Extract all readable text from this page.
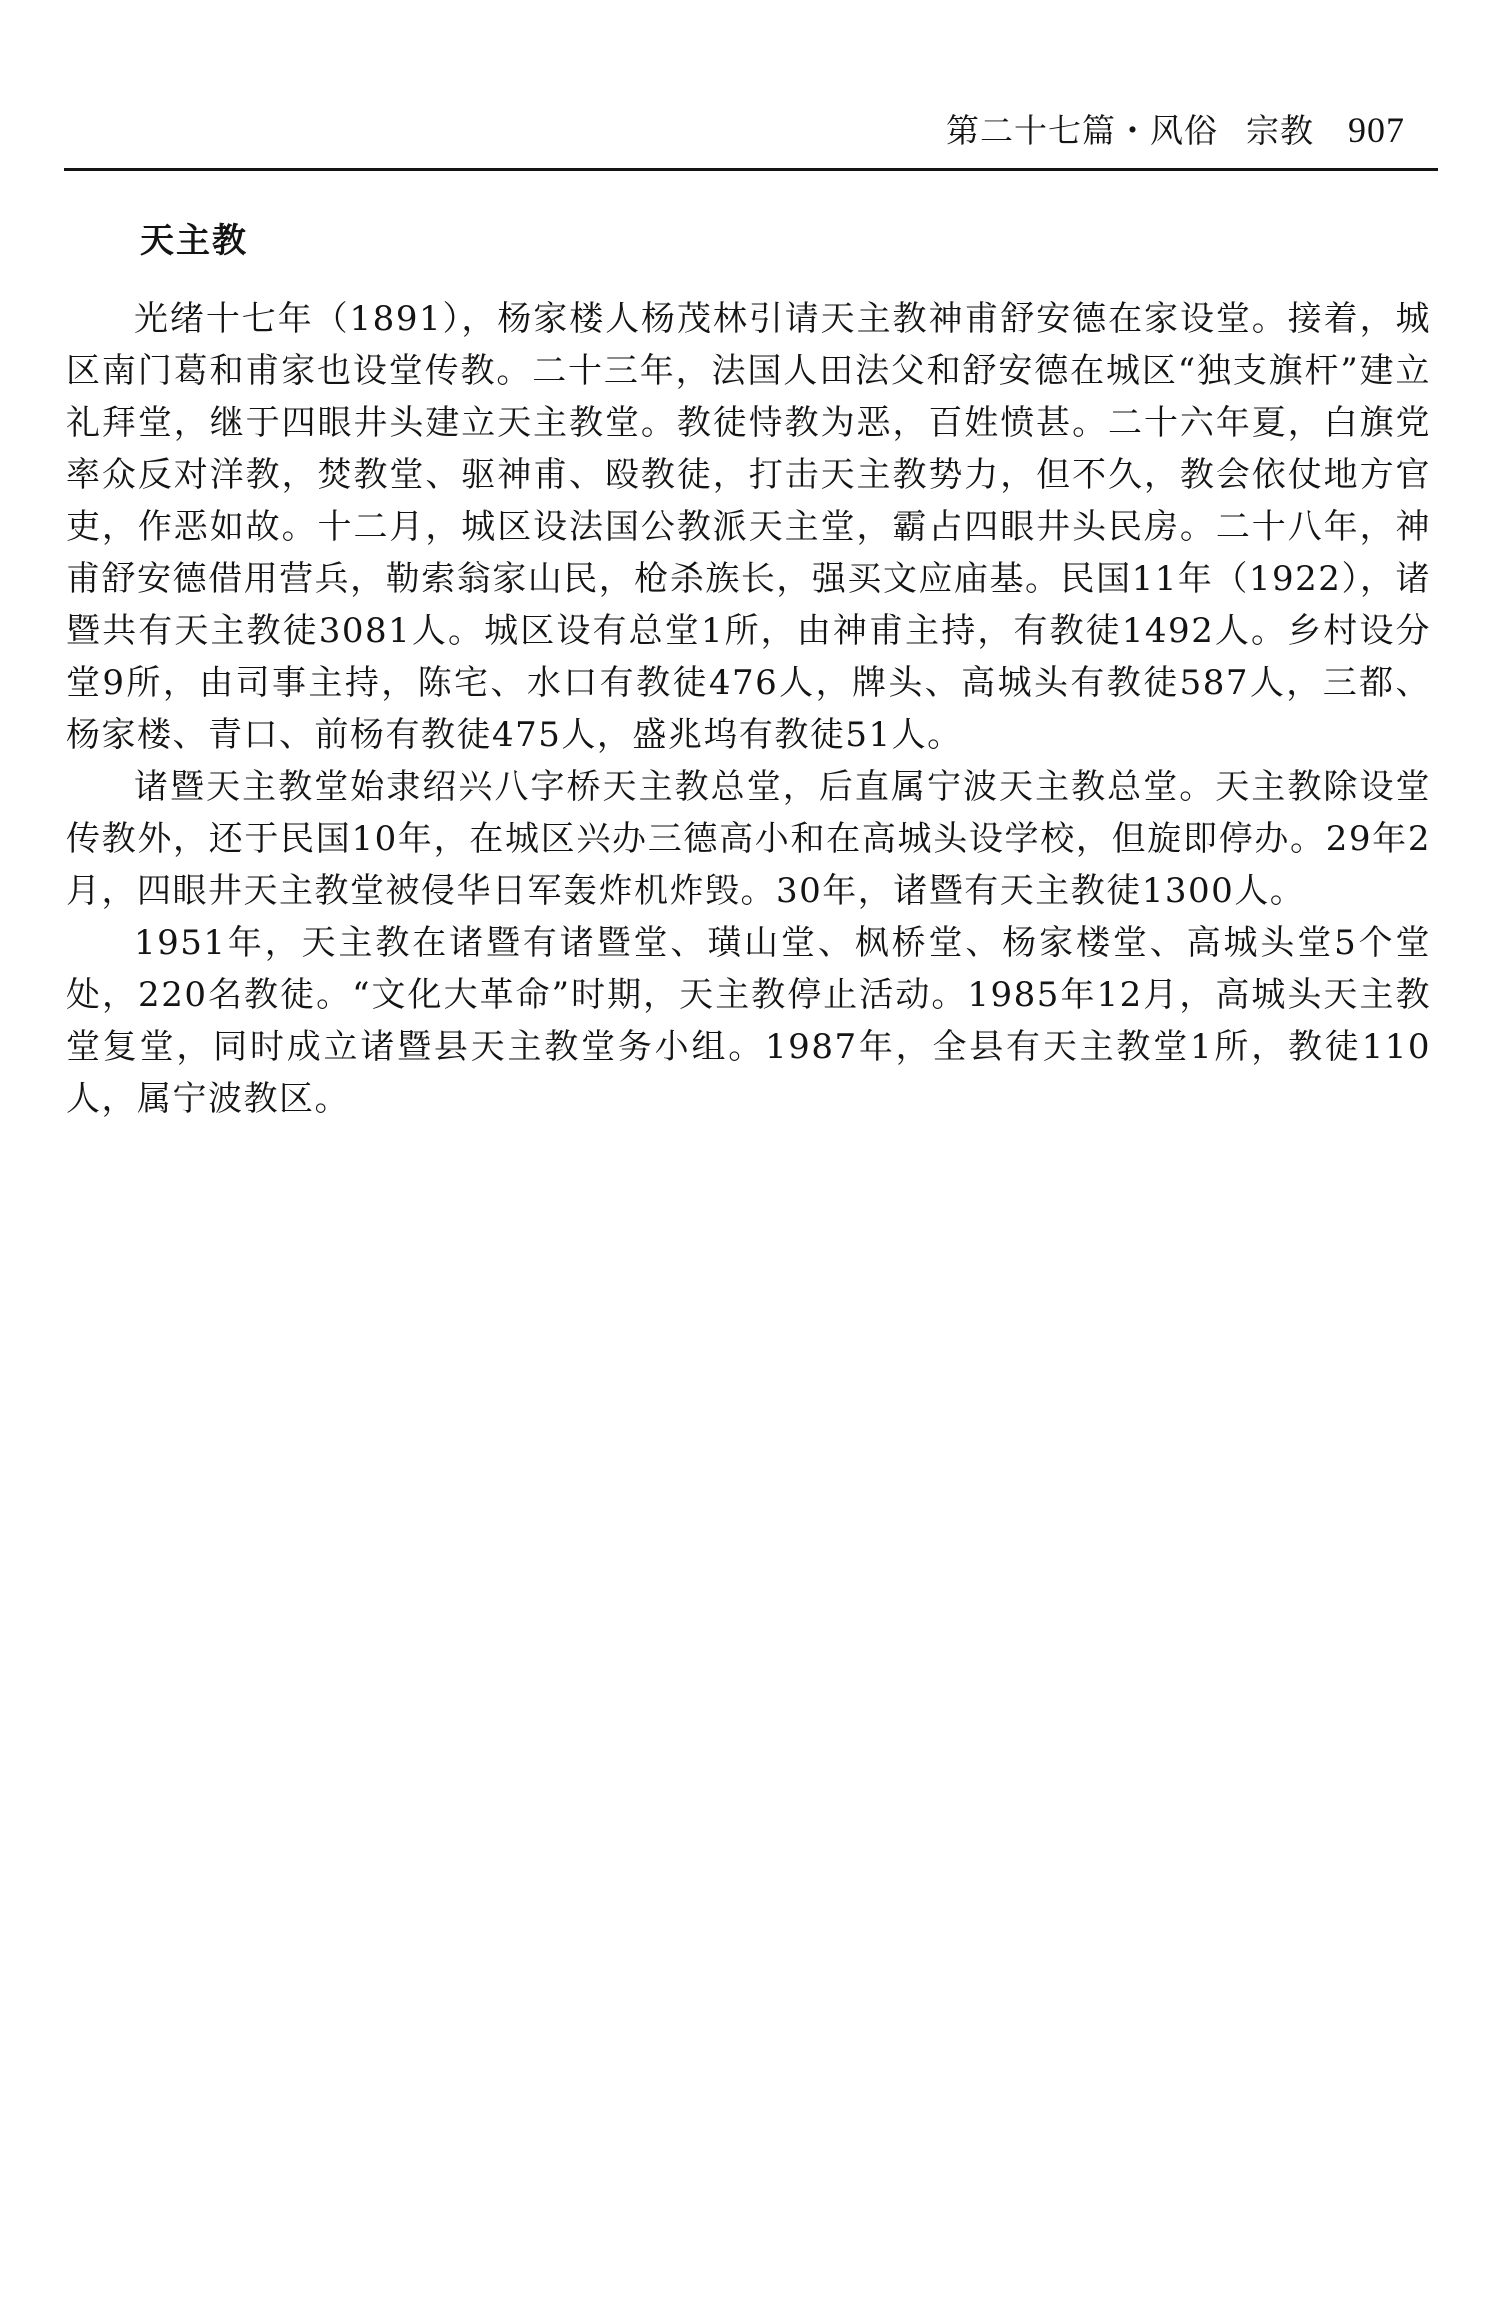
第二十七篇・风俗 宗教 907
天主教

光绪十七年（1891），杨家楼人杨茂林引请天主教神甫舒安德在家设堂。接着，城区南门葛和甫家也设堂传教。二十三年，法国人田法父和舒安德在城区“独支旗杆”建立礼拜堂，继于四眼井头建立天主教堂。教徒恃教为恶，百姓愤甚。二十六年夏，白旗党率众反对洋教，焚教堂、驱神甫、殴教徒，打击天主教势力，但不久，教会依仗地方官吏，作恶如故。十二月，城区设法国公教派天主堂，霸占四眼井头民房。二十八年，神甫舒安德借用营兵，勒索翁家山民，枪杀族长，强买文应庙基。民国11年（1922），诸暨共有天主教徒3081人。城区设有总堂1所，由神甫主持，有教徒1492人。乡村设分堂9所，由司事主持，陈宅、水口有教徒476人，牌头、高城头有教徒587人，三都、杨家楼、青口、前杨有教徒475人，盛兆坞有教徒51人。

诸暨天主教堂始隶绍兴八字桥天主教总堂，后直属宁波天主教总堂。天主教除设堂传教外，还于民国10年，在城区兴办三德高小和在高城头设学校，但旋即停办。29年2月，四眼井天主教堂被侵华日军轰炸机炸毁。30年，诸暨有天主教徒1300人。

1951年，天主教在诸暨有诸暨堂、璜山堂、枫桥堂、杨家楼堂、高城头堂5个堂处，220名教徒。“文化大革命”时期，天主教停止活动。1985年12月，高城头天主教堂复堂，同时成立诸暨县天主教堂务小组。1987年，全县有天主教堂1所，教徒110人，属宁波教区。
